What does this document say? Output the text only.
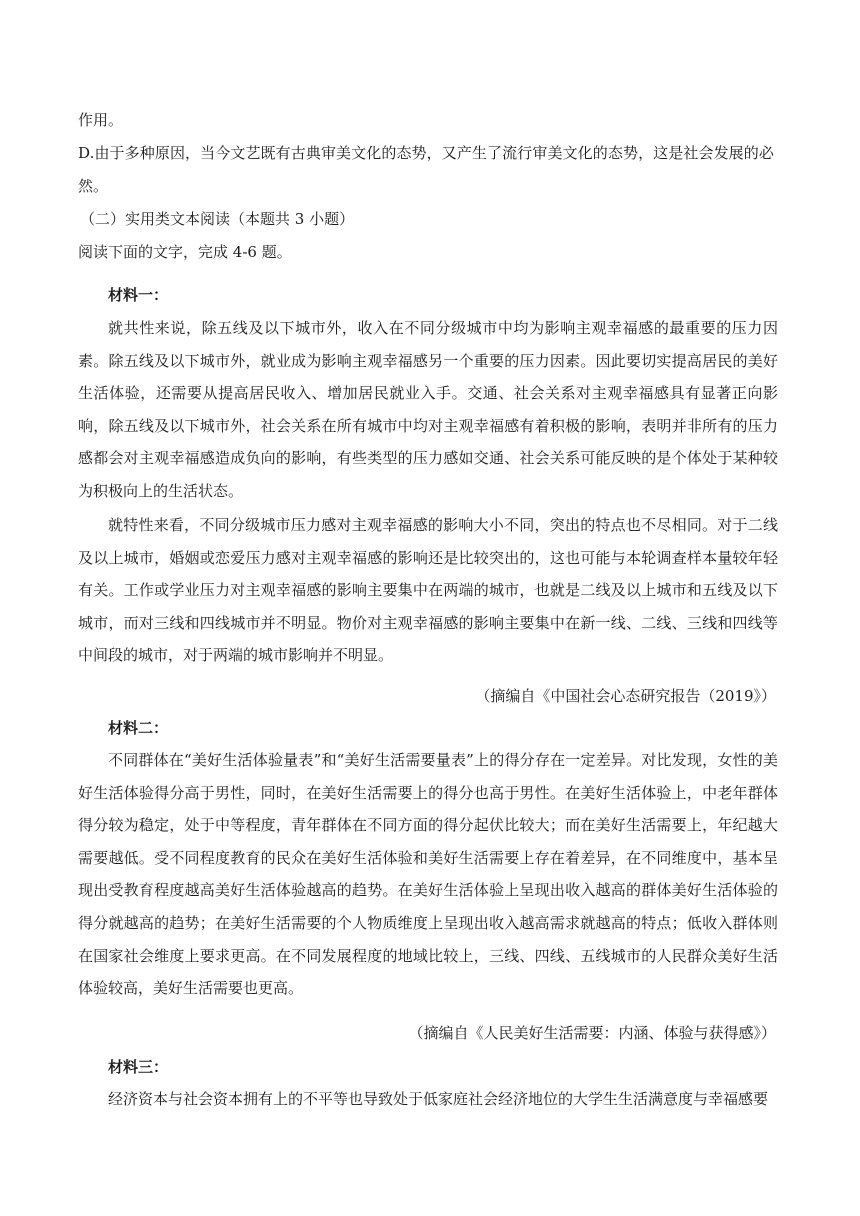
作用。
D.由于多种原因，当今文艺既有古典审美文化的态势，又产生了流行审美文化的态势，这是社会发展的必
然。
（二）实用类文本阅读（本题共 3 小题）
阅读下面的文字，完成 4-6 题。
材料一：

就共性来说，除五线及以下城市外，收入在不同分级城市中均为影响主观幸福感的最重要的压力因素。除五线及以下城市外，就业成为影响主观幸福感另一个重要的压力因素。因此要切实提高居民的美好生活体验，还需要从提高居民收入、增加居民就业入手。交通、社会关系对主观幸福感具有显著正向影响，除五线及以下城市外，社会关系在所有城市中均对主观幸福感有着积极的影响，表明并非所有的压力感都会对主观幸福感造成负向的影响，有些类型的压力感如交通、社会关系可能反映的是个体处于某种较为积极向上的生活状态。

就特性来看，不同分级城市压力感对主观幸福感的影响大小不同，突出的特点也不尽相同。对于二线及以上城市，婚姻或恋爱压力感对主观幸福感的影响还是比较突出的，这也可能与本轮调查样本量较年轻有关。工作或学业压力对主观幸福感的影响主要集中在两端的城市，也就是二线及以上城市和五线及以下城市，而对三线和四线城市并不明显。物价对主观幸福感的影响主要集中在新一线、二线、三线和四线等中间段的城市，对于两端的城市影响并不明显。

（摘编自《中国社会心态研究报告（2019》）
材料二：

不同群体在“美好生活体验量表”和“美好生活需要量表”上的得分存在一定差异。对比发现，女性的美好生活体验得分高于男性，同时，在美好生活需要上的得分也高于男性。在美好生活体验上，中老年群体得分较为稳定，处于中等程度，青年群体在不同方面的得分起伏比较大；而在美好生活需要上，年纪越大需要越低。受不同程度教育的民众在美好生活体验和美好生活需要上存在着差异，在不同维度中，基本呈现出受教育程度越高美好生活体验越高的趋势。在美好生活体验上呈现出收入越高的群体美好生活体验的得分就越高的趋势；在美好生活需要的个人物质维度上呈现出收入越高需求就越高的特点；低收入群体则在国家社会维度上要求更高。在不同发展程度的地域比较上，三线、四线、五线城市的人民群众美好生活体验较高，美好生活需要也更高。

（摘编自《人民美好生活需要：内涵、体验与获得感》）
材料三：

经济资本与社会资本拥有上的不平等也导致处于低家庭社会经济地位的大学生生活满意度与幸福感要
